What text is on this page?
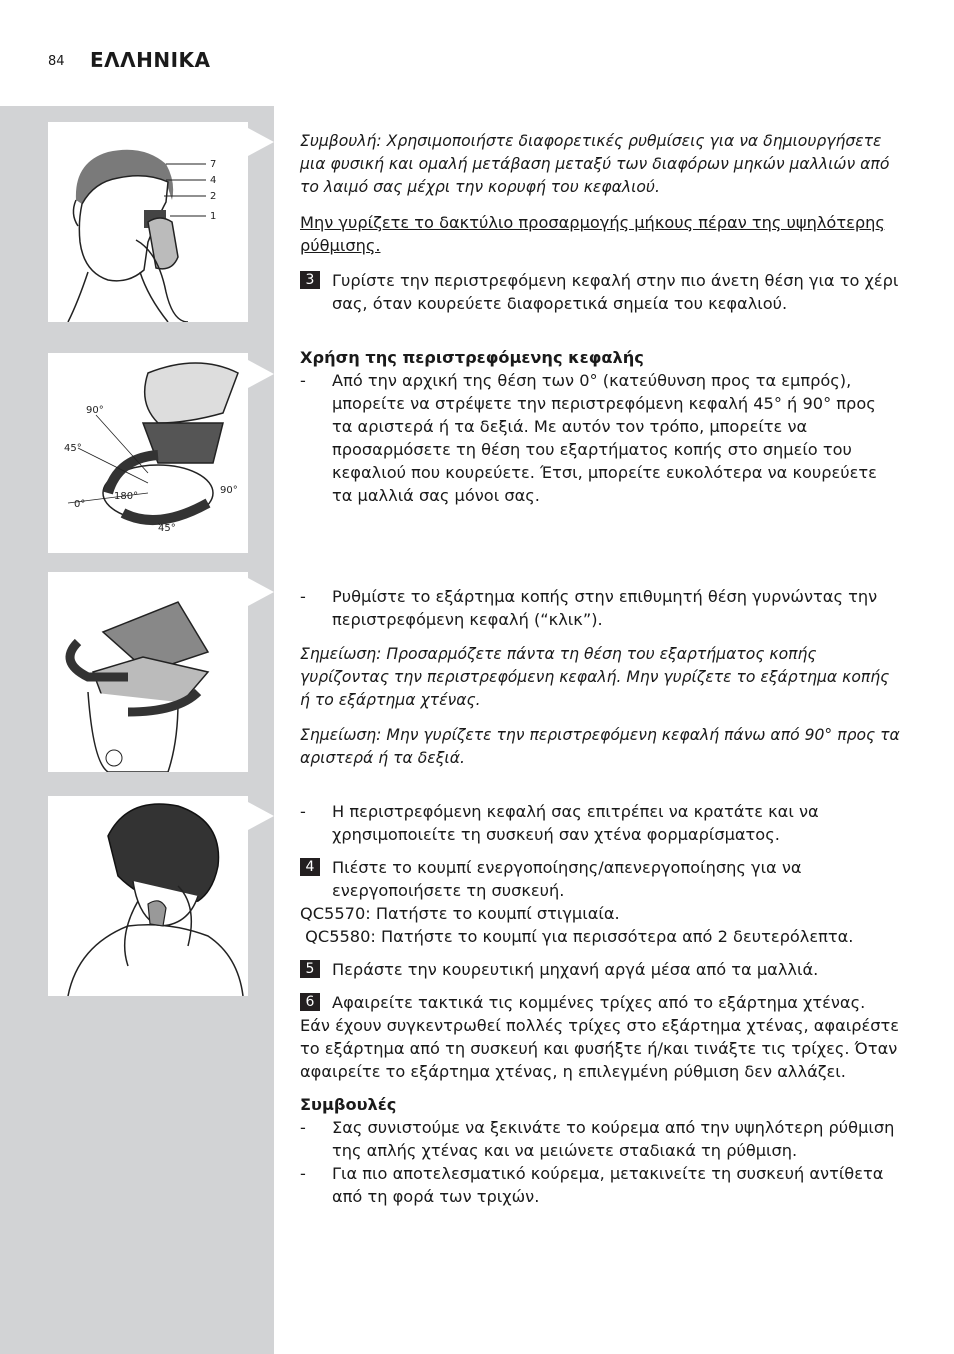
84 ΕΛΛΗΝΙΚΑ
7
4
2
1
90°
45°
0°
180°
90°
45°

Συμβουλή: Χρησιμοποιήστε διαφορετικές ρυθμίσεις για να δημιουργήσετε μια φυσική και ομαλή μετάβαση μεταξύ των διαφόρων μηκών μαλλιών από το λαιμό σας μέχρι την κορυφή του κεφαλιού.

Μην γυρίζετε το δακτύλιο προσαρμογής μήκους πέραν της υψηλότερης ρύθμισης.

3	Γυρίστε την περιστρεφόμενη κεφαλή στην πιο άνετη θέση για το χέρι σας, όταν κουρεύετε διαφορετικά σημεία του κεφαλιού.

Χρήση της περιστρεφόμενης κεφαλής

-	Από την αρχική της θέση των 0° (κατεύθυνση προς τα εμπρός), μπορείτε να στρέψετε την περιστρεφόμενη κεφαλή 45° ή 90° προς τα αριστερά ή τα δεξιά. Με αυτόν τον τρόπο, μπορείτε να προσαρμόσετε τη θέση του εξαρτήματος κοπής στο σημείο του κεφαλιού που κουρεύετε. Έτσι, μπορείτε ευκολότερα να κουρεύετε τα μαλλιά σας μόνοι σας.
-	Ρυθμίστε το εξάρτημα κοπής στην επιθυμητή θέση γυρνώντας την περιστρεφόμενη κεφαλή (“κλικ”).

Σημείωση: Προσαρμόζετε πάντα τη θέση του εξαρτήματος κοπής γυρίζοντας την περιστρεφόμενη κεφαλή. Μην γυρίζετε το εξάρτημα κοπής ή το εξάρτημα χτένας.

Σημείωση: Μην γυρίζετε την περιστρεφόμενη κεφαλή πάνω από 90° προς τα αριστερά ή τα δεξιά.

-	Η περιστρεφόμενη κεφαλή σας επιτρέπει να κρατάτε και να χρησιμοποιείτε τη συσκευή σαν χτένα φορμαρίσματος.
4	Πιέστε το κουμπί ενεργοποίησης/απενεργοποίησης για να ενεργοποιήσετε τη συσκευή.

QC5570: Πατήστε το κουμπί στιγμιαία.

QC5580: Πατήστε το κουμπί για περισσότερα από 2 δευτερόλεπτα.

5	Περάστε την κουρευτική μηχανή αργά μέσα από τα μαλλιά.
6	Αφαιρείτε τακτικά τις κομμένες τρίχες από το εξάρτημα χτένας.

Εάν έχουν συγκεντρωθεί πολλές τρίχες στο εξάρτημα χτένας, αφαιρέστε το εξάρτημα από τη συσκευή και φυσήξτε ή/και τινάξτε τις τρίχες. Όταν αφαιρείτε το εξάρτημα χτένας, η επιλεγμένη ρύθμιση δεν αλλάζει.

Συμβουλές

-	Σας συνιστούμε να ξεκινάτε το κούρεμα από την υψηλότερη ρύθμιση της απλής χτένας και να μειώνετε σταδιακά τη ρύθμιση.
-	Για πιο αποτελεσματικό κούρεμα, μετακινείτε τη συσκευή αντίθετα από τη φορά των τριχών.
